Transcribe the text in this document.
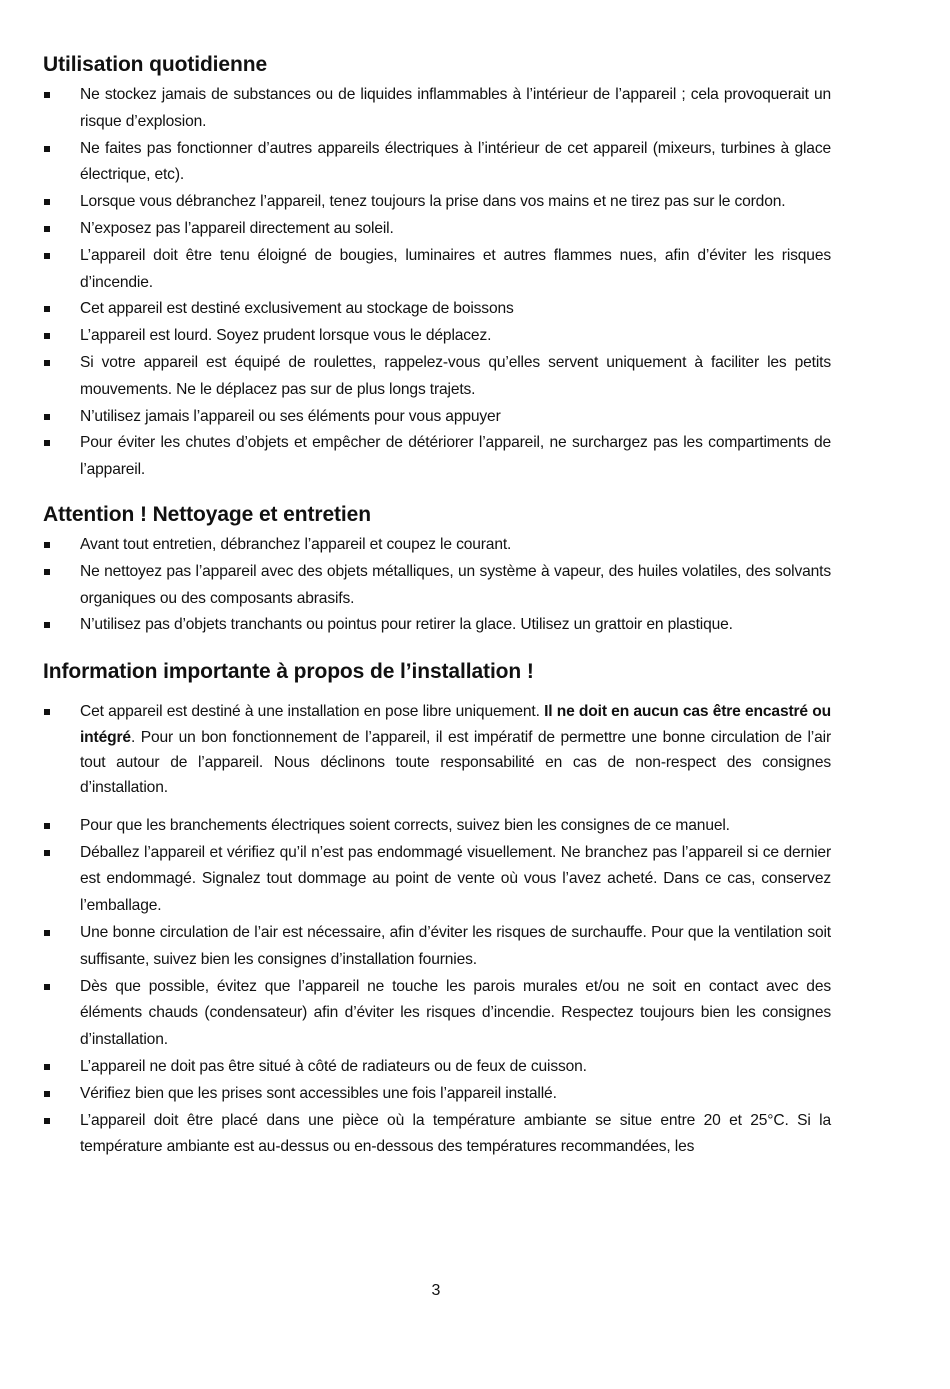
Utilisation quotidienne
Ne stockez jamais de substances ou de liquides inflammables à l’intérieur de l’appareil ; cela provoquerait un risque d’explosion.
Ne faites pas fonctionner d’autres appareils électriques à l’intérieur de cet appareil (mixeurs, turbines à glace électrique, etc).
Lorsque vous débranchez l’appareil, tenez toujours la prise dans vos mains et ne tirez pas sur le cordon.
N’exposez pas l’appareil directement au soleil.
L’appareil doit être tenu éloigné de bougies, luminaires et autres flammes nues, afin d’éviter les risques d’incendie.
Cet appareil est destiné exclusivement au stockage de boissons
L’appareil est lourd. Soyez prudent lorsque vous le déplacez.
Si votre appareil est équipé de roulettes, rappelez-vous qu’elles servent uniquement à faciliter les petits mouvements. Ne le déplacez pas sur de plus longs trajets.
N’utilisez jamais l’appareil ou ses éléments pour vous appuyer
Pour éviter les chutes d’objets et empêcher de détériorer l’appareil, ne surchargez pas les compartiments de l’appareil.
Attention ! Nettoyage et entretien
Avant tout entretien, débranchez l’appareil et coupez le courant.
Ne nettoyez pas l’appareil avec des objets métalliques, un système à vapeur, des huiles volatiles, des solvants organiques ou des composants abrasifs.
N’utilisez pas d’objets tranchants ou pointus pour retirer la glace. Utilisez un grattoir en plastique.
Information importante à propos de l’installation !
Cet appareil est destiné à une installation en pose libre uniquement. Il ne doit en aucun cas être encastré ou intégré. Pour un bon fonctionnement de l’appareil, il est impératif de permettre une bonne circulation de l’air tout autour de l’appareil. Nous déclinons toute responsabilité en cas de non-respect des consignes d’installation.
Pour que les branchements électriques soient corrects, suivez bien les consignes de ce manuel.
Déballez l’appareil et vérifiez qu’il n’est pas endommagé visuellement. Ne branchez pas l’appareil si ce dernier est endommagé. Signalez tout dommage au point de vente où vous l’avez acheté. Dans ce cas, conservez l’emballage.
Une bonne circulation de l’air est nécessaire, afin d’éviter les risques de surchauffe. Pour que la ventilation soit suffisante, suivez bien les consignes d’installation fournies.
Dès que possible, évitez que l’appareil ne touche les parois murales et/ou ne soit en contact avec des éléments chauds (condensateur) afin d’éviter les risques d’incendie. Respectez toujours bien les consignes d’installation.
L’appareil ne doit pas être situé à côté de radiateurs ou de feux de cuisson.
Vérifiez bien que les prises sont accessibles une fois l’appareil installé.
L’appareil doit être placé dans une pièce où la température ambiante se situe entre 20 et 25°C. Si la température ambiante est au-dessus ou en-dessous des températures recommandées, les
3
